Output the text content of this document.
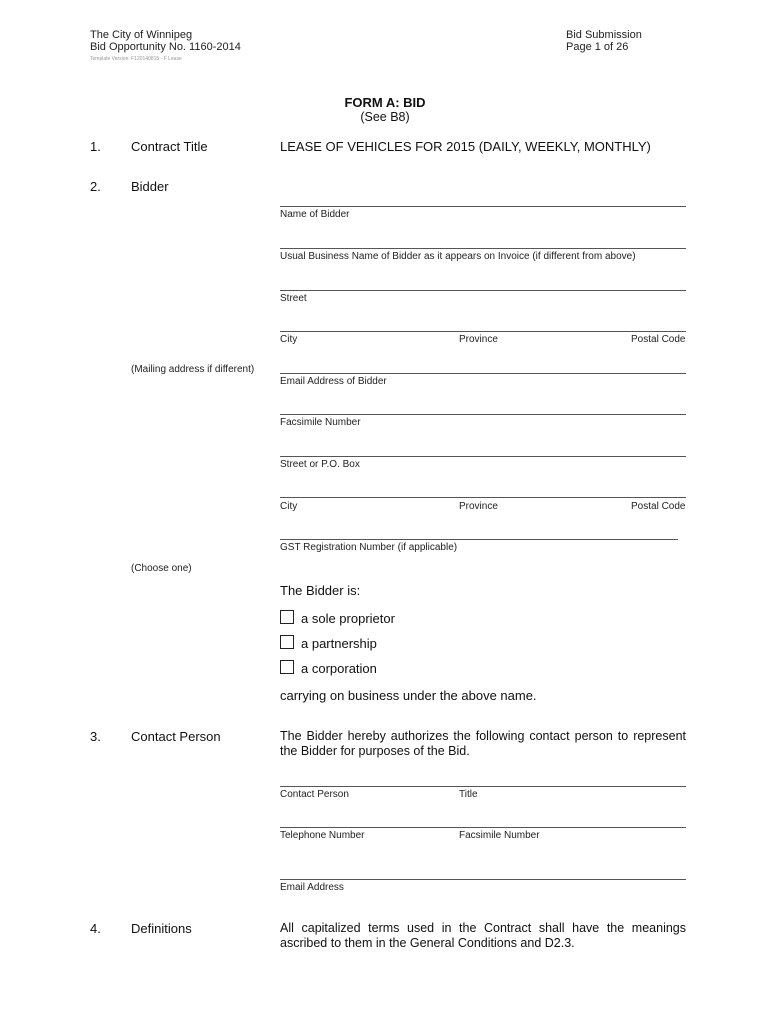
The City of Winnipeg
Bid Opportunity No. 1160-2014
Template Version: F120140815 - F Lease
Bid Submission
Page 1 of 26
FORM A: BID
(See B8)
1. Contract Title	LEASE OF VEHICLES FOR 2015 (DAILY, WEEKLY, MONTHLY)
2. Bidder
Name of Bidder
Usual Business Name of Bidder as it appears on Invoice (if different from above)
Street
City	Province	Postal Code
(Mailing address if different)
Email Address of Bidder
Facsimile Number
Street or P.O. Box
City	Province	Postal Code
GST Registration Number (if applicable)
(Choose one)
The Bidder is:
a sole proprietor
a partnership
a corporation
carrying on business under the above name.
3. Contact Person	The Bidder hereby authorizes the following contact person to represent the Bidder for purposes of the Bid.
Contact Person	Title
Telephone Number	Facsimile Number
Email Address
4. Definitions	All capitalized terms used in the Contract shall have the meanings ascribed to them in the General Conditions and D2.3.
